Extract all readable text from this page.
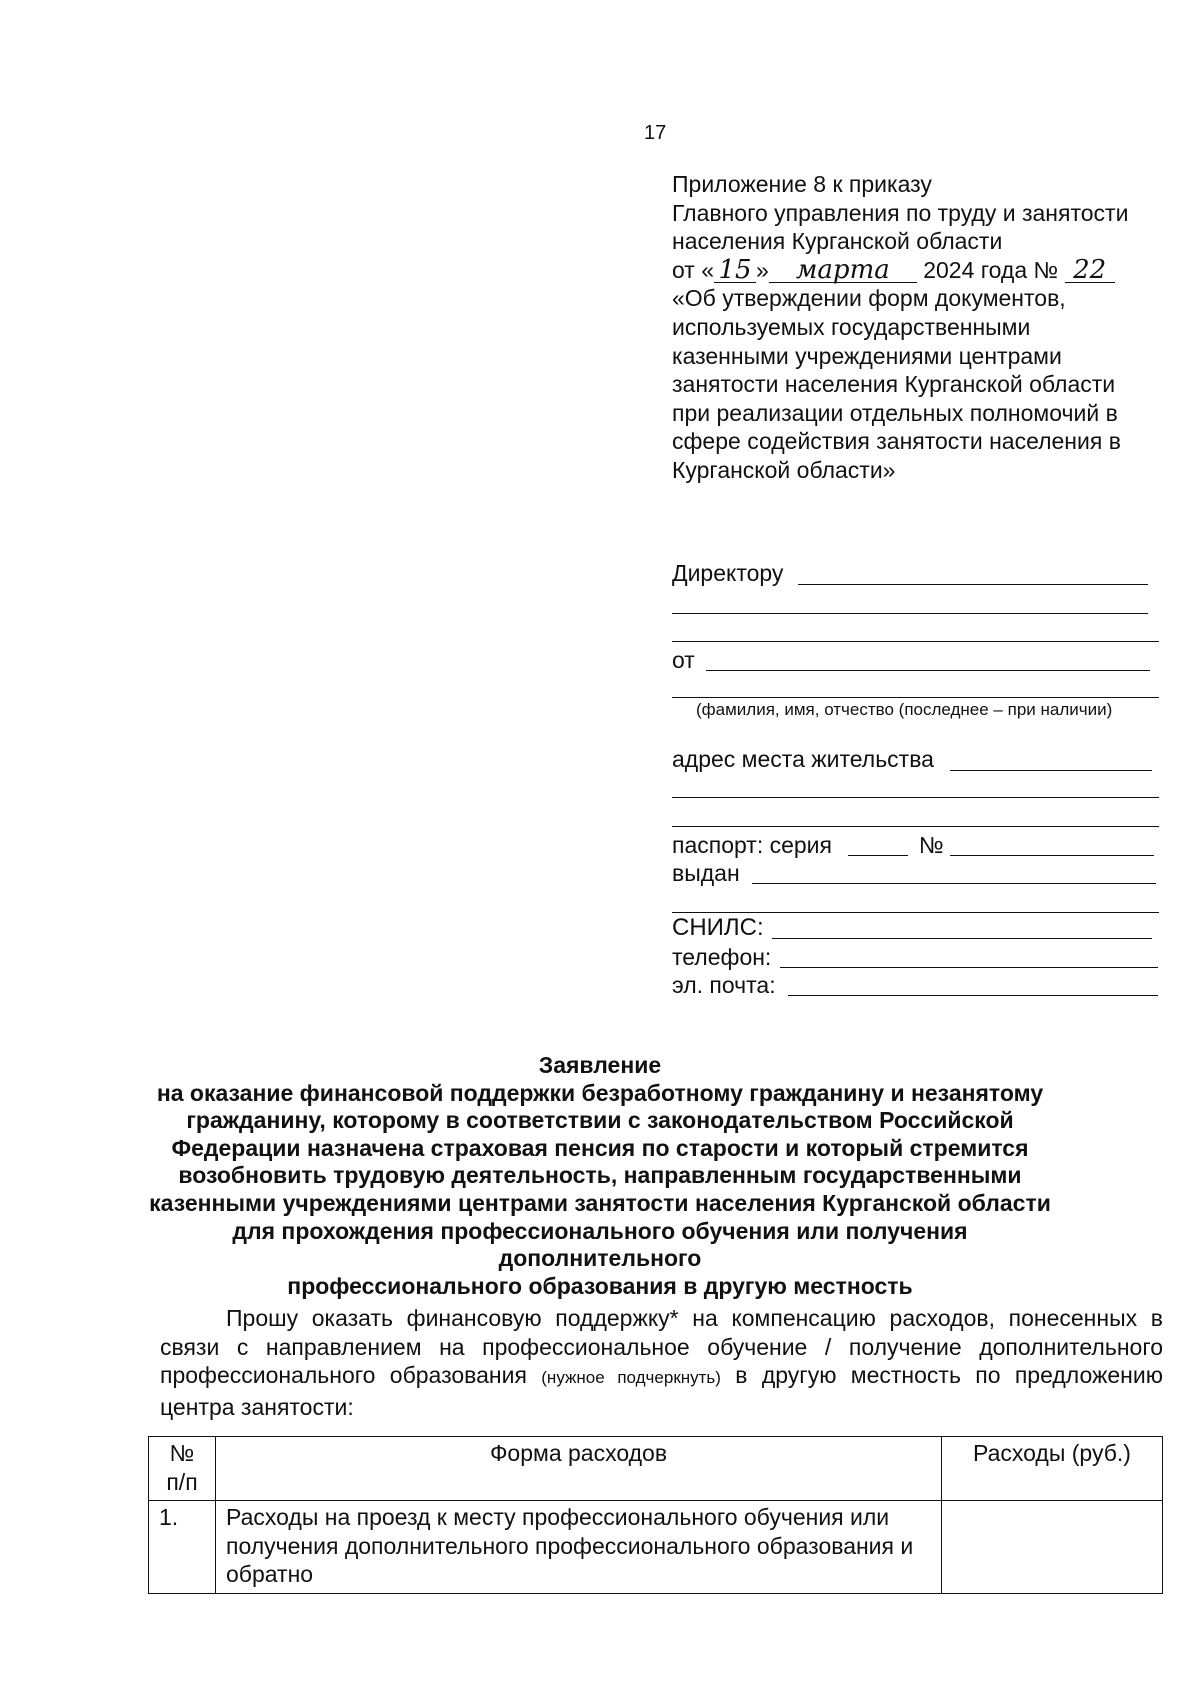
17
Приложение 8 к приказу
Главного управления по труду и занятости
населения Курганской области
от « 15 » марта 2024 года № 22
«Об утверждении форм документов,
используемых государственными
казенными учреждениями центрами
занятости населения Курганской области
при реализации отдельных полномочий в
сфере содействия занятости населения в
Курганской области»
Директору
от
(фамилия, имя, отчество (последнее – при наличии)
адрес места жительства
паспорт: серия	№
выдан
СНИЛС:
телефон:
эл. почта:
Заявление
на оказание финансовой поддержки безработному гражданину и незанятому
гражданину, которому в соответствии с законодательством Российской
Федерации назначена страховая пенсия по старости и который стремится
возобновить трудовую деятельность, направленным государственными
казенными учреждениями центрами занятости населения Курганской области
для прохождения профессионального обучения или получения дополнительного
профессионального образования в другую местность
Прошу оказать финансовую поддержку* на компенсацию расходов, понесенных в связи с направлением на профессиональное обучение / получение дополнительного профессионального образования (нужное подчеркнуть) в другую местность по предложению центра занятости:
№ п/п	Форма расходов	Расходы (руб.)
1.	Расходы на проезд к месту профессионального обучения или получения дополнительного профессионального образования и обратно	
